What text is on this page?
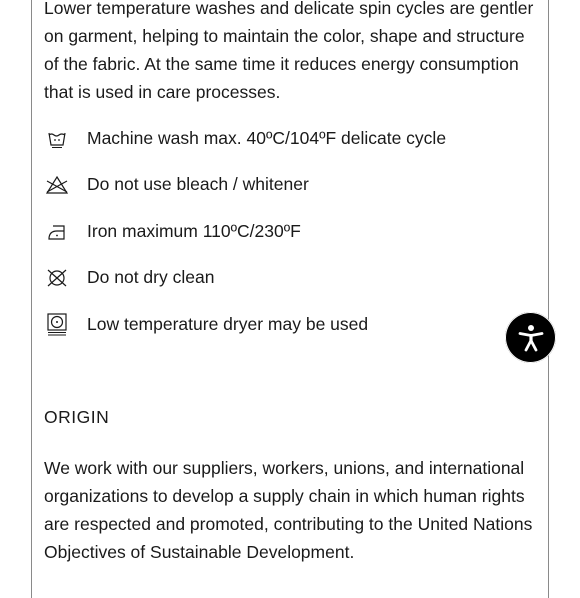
Lower temperature washes and delicate spin cycles are gentler on garment, helping to maintain the color, shape and structure of the fabric. At the same time it reduces energy consumption that is used in care processes.

Machine wash max. 40ºC/104ºF delicate cycle
Do not use bleach / whitener
Iron maximum 110ºC/230ºF
Do not dry clean
Low temperature dryer may be used
ORIGIN

We work with our suppliers, workers, unions, and international organizations to develop a supply chain in which human rights are respected and promoted, contributing to the United Nations Objectives of Sustainable Development.
